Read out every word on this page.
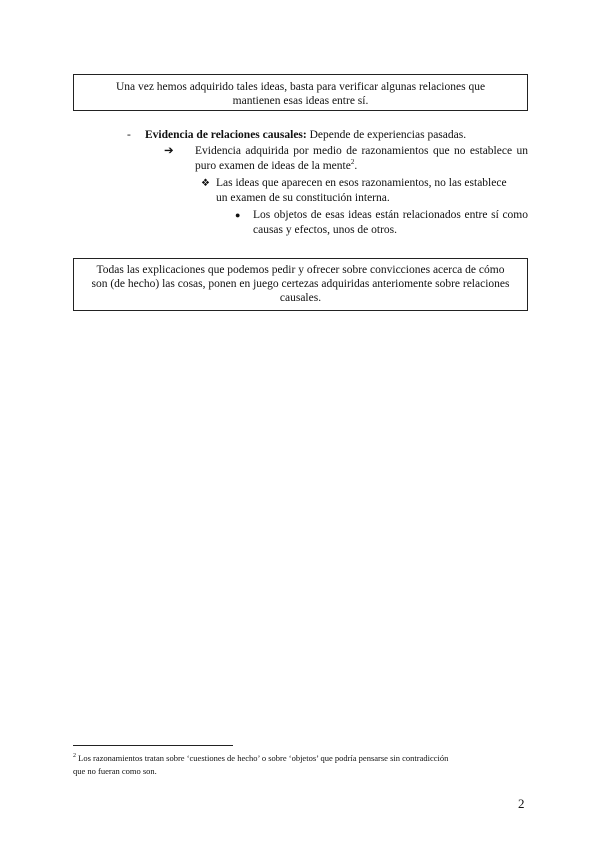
Una vez hemos adquirido tales ideas, basta para verificar algunas relaciones que
mantienen esas ideas entre sí.
- Evidencia de relaciones causales: Depende de experiencias pasadas.
➔	Evidencia adquirida por medio de razonamientos que no establece un puro examen de ideas de la mente$^2$.
❖ Las ideas que aparecen en esos razonamientos, no las establece
un examen de su constitución interna.
● Los objetos de esas ideas están relacionados entre sí como causas y efectos, unos de otros.
Todas las explicaciones que podemos pedir y ofrecer sobre convicciones acerca de cómo
son (de hecho) las cosas, ponen en juego certezas adquiridas anteriomente sobre relaciones
causales.
$^2$ Los razonamientos tratan sobre ‘cuestiones de hecho’ o sobre ‘objetos’ que podría pensarse sin contradicción
que no fueran como son.
2
